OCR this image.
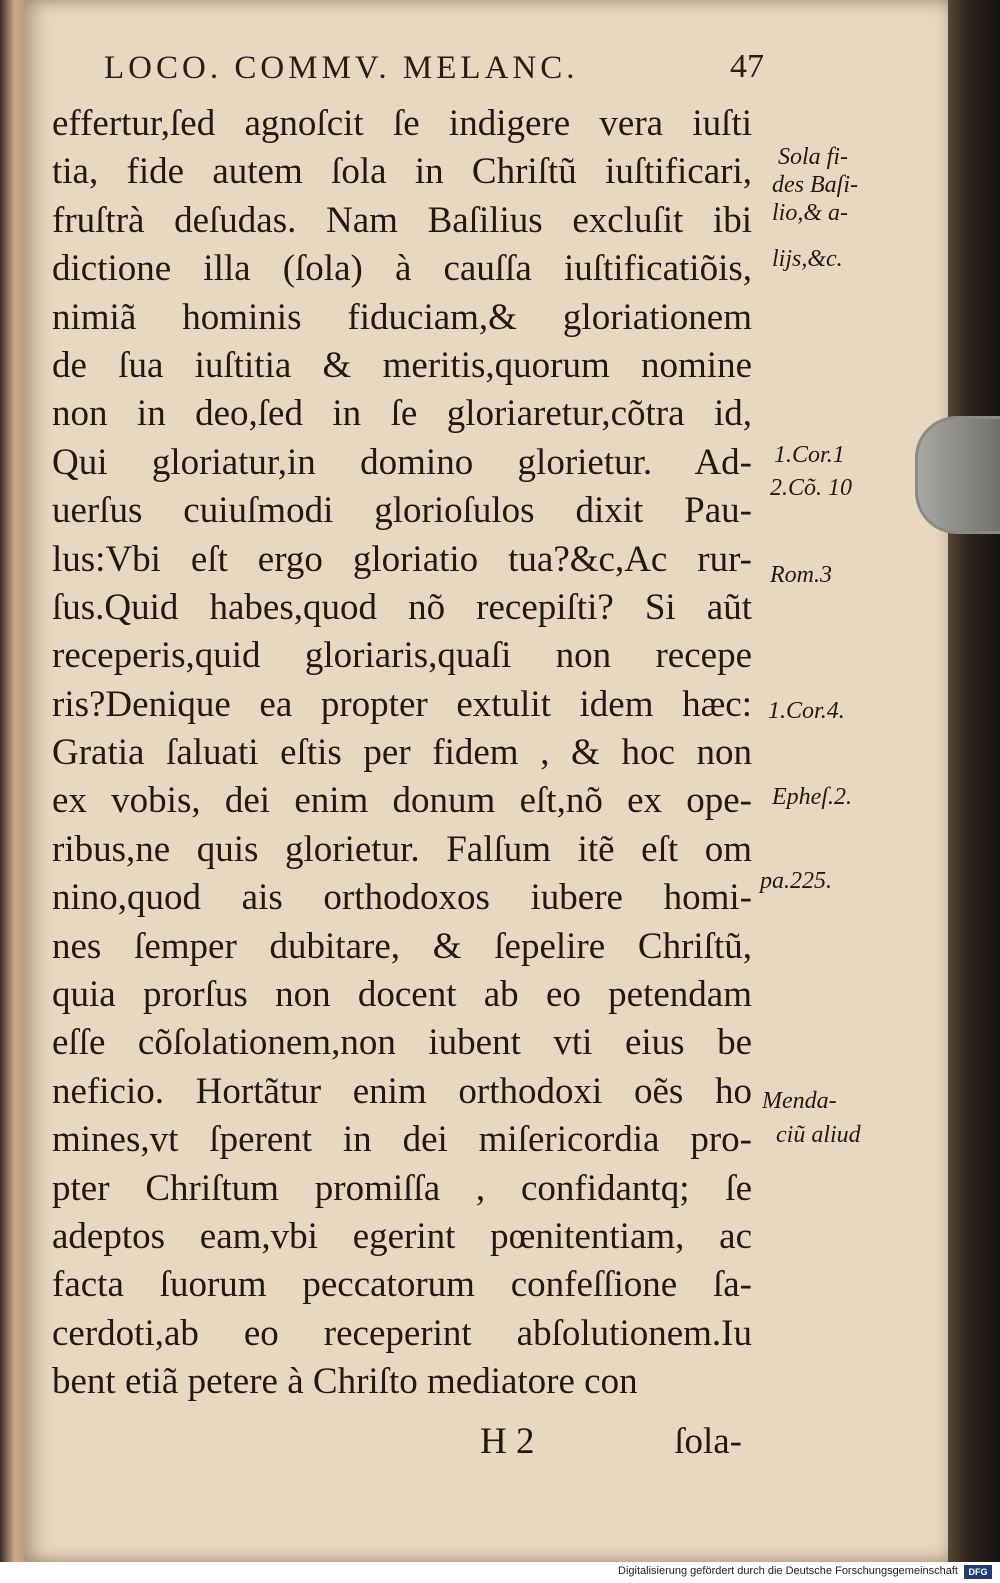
LOCO. COMMV. MELANC.	47
effertur,ſed agnoſcit ſe indigere vera iuſti
tia, fide autem ſola in Chriſtũ iuſtificari,
fruſtrà deſudas. Nam Baſilius excluſit ibi
dictione illa (ſola) à cauſſa iuſtificatiõis,
nimiã hominis fiduciam,& gloriationem
de ſua iuſtitia & meritis,quorum nomine
non in deo,ſed in ſe gloriaretur,cõtra id,
Qui gloriatur,in domino glorietur. Ad-
uerſus cuiuſmodi glorioſulos dixit Pau-
lus:Vbi eſt ergo gloriatio tua?&c,Ac rur-
ſus.Quid habes,quod nõ recepiſti? Si aũt
receperis,quid gloriaris,quaſi non recepe
ris?Denique ea propter extulit idem hæc:
Gratia ſaluati eſtis per fidem , & hoc non
ex vobis, dei enim donum eſt,nõ ex ope-
ribus,ne quis glorietur. Falſum itẽ eſt om
nino,quod ais orthodoxos iubere homi-
nes ſemper dubitare, & ſepelire Chriſtũ,
quia prorſus non docent ab eo petendam
eſſe cõſolationem,non iubent vti eius be
neficio. Hortãtur enim orthodoxi oẽs ho
mines,vt ſperent in dei miſericordia pro-
pter Chriſtum promiſſa , confidantq; ſe
adeptos eam,vbi egerint pœnitentiam, ac
facta ſuorum peccatorum confeſſione ſa-
cerdoti,ab eo receperint abſolutionem.Iu
bent etiã petere à Chriſto mediatore con
Sola fi-
des Baſi-
lio,& a-
lijs,&c.
1.Cor.1
2.Cõ. 10
Rom.3
1.Cor.4.
Epheſ.2.
pa.225.
Menda-
ciũ aliud
H 2	ſola-
Digitalisierung gefördert durch die Deutsche Forschungsgemeinschaft	DFG
